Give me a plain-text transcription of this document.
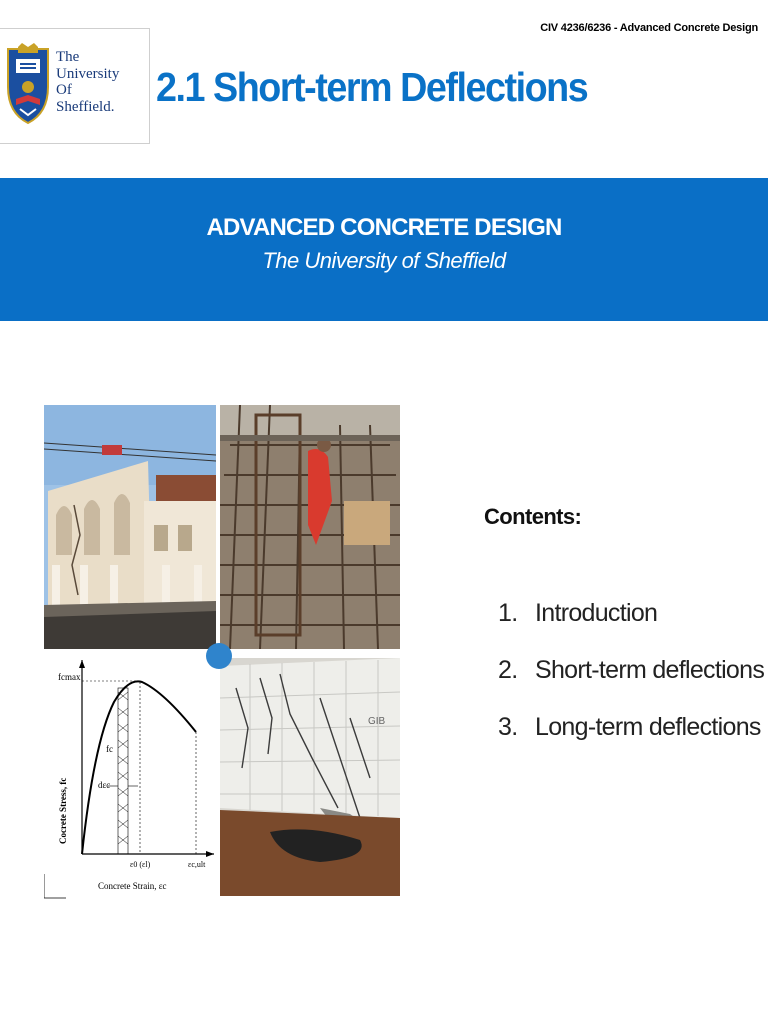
CIV 4236/6236 - Advanced Concrete Design
The
University
Of
Sheffield. 2.1 Short-term Deflections
ADVANCED CONCRETE DESIGN
The University of Sheffield
fcmax
fc
dεc
ε0 (εl)	εc,ult
Concrete Strain, εc
Cocrete Stress, fc
GIB
Contents:
1. Introduction
2. Short-term deflections
3. Long-term deflections
